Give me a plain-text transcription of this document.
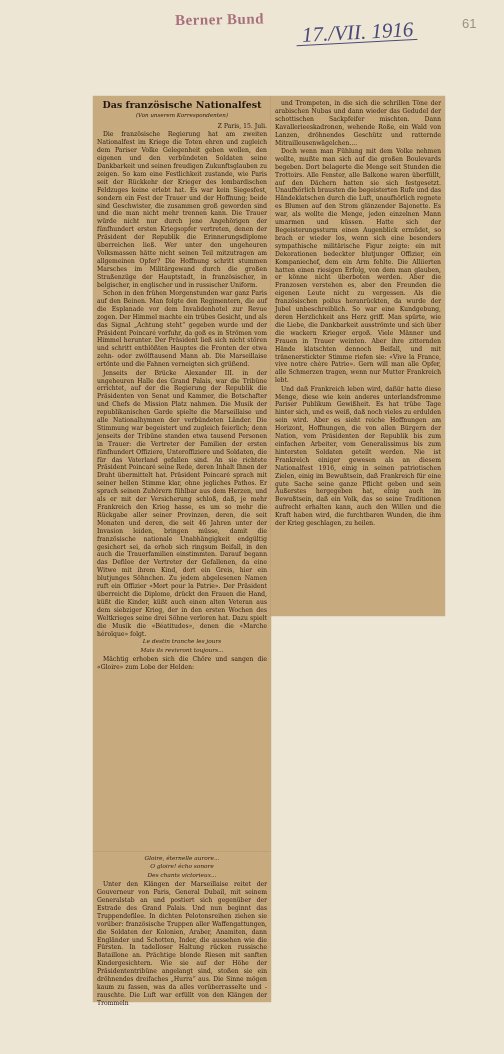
Berner Bund	17./VII. 1916	61
Das französische Nationalfest
(Von unserem Korrespondenten)

Z Paris, 15. Juli.

Die französische Regierung hat am zweiten Nationalfest im Kriege die Toten ehren und zugleich dem Pariser Volke Gelegenheit geben wollen, den eigenen und den verbündeten Soldaten seine Dankbarkeit und seinen freudigen Zukunftsglauben zu zeigen. So kam eine Festlichkeit zustande, wie Paris seit der Rückkehr der Krieger des lombardischen Feldzuges keine erlebt hat. Es war kein Siegesfest, sondern ein Fest der Trauer und der Hoffnung; beide sind Geschwister, die zusammen groß geworden sind und die man nicht mehr trennen kann. Die Trauer würde nicht nur durch jene Angehörigen der fünfhundert ersten Kriegsopfer vertreten, denen der Präsident der Republik die Erinnerungsdiplome überreichen ließ. Wer unter den ungeheuren Volksmassen hätte nicht seinen Teil mitzutragen am allgemeinen Opfer? Die Hoffnung schritt stummen Marsches im Militärgewand durch die großen Straßenzüge der Hauptstadt, in französischer, in belgischer, in englischer und in russischer Uniform.

Schon in den frühen Morgenstunden war ganz Paris auf den Beinen. Man folgte den Regimentern, die auf die Esplanade vor dem Invalidenhotel zur Revue zogen. Der Himmel machte ein trübes Gesicht, und als das Signal „Achtung steht“ gegeben wurde und der Präsident Poincaré vorfuhr, da goß es in Strömen vom Himmel herunter. Der Präsident ließ sich nicht stören und schritt entblößten Hauptes die Fronten der etwa zehn- oder zwölftausend Mann ab. Die Marseillaise ertönte und die Fahnen verneigten sich grüßend.

Jenseits der Brücke Alexander III. in der ungeheuren Halle des Grand Palais, war die Tribüne errichtet, auf der die Regierung der Republik die Präsidenten von Senat und Kammer, die Botschafter und Chefs de Mission Platz nahmen. Die Musik der republikanischen Garde spielte die Marseillaise und alle Nationalhymnen der verbündeten Länder. Die Stimmung war begeistert und zugleich feierlich; denn jenseits der Tribüne standen etwa tausend Personen in Trauer: die Vertreter der Familien der ersten fünfhundert Offiziere, Unteroffiziere und Soldaten, die für das Vaterland gefallen sind. An sie richtete Präsident Poincaré seine Rede, deren Inhalt Ihnen der Draht übermittelt hat. Präsident Poincaré sprach mit seiner hellen Stimme klar, ohne jegliches Pathos. Er sprach seinen Zuhörern fühlbar aus dem Herzen, und als er mit der Versicherung schloß, daß, je mehr Frankreich den Krieg hasse, es um so mehr die Rückgabe aller seiner Provinzen, deren, die seit Monaten und deren, die seit 46 Jahren unter der Invasion leiden, bringen müsse, damit die französische nationale Unabhängigkeit endgültig gesichert sei, da erhob sich ringsum Beifall, in den auch die Trauerfamilien einstimmten. Darauf begann das Defilee der Vertreter der Gefallenen, da eine Witwe mit ihrem Kind, dort ein Greis, hier ein blutjunges Söhnchen. Zu jedem abgelesenen Namen ruft ein Offizier «Mort pour la Patrie». Der Präsident überreicht die Diplome, drückt den Frauen die Hand, küßt die Kinder, küßt auch einen alten Veteran aus dem siebziger Krieg, der in den ersten Wochen des Weltkrieges seine drei Söhne verloren hat. Dazu spielt die Musik die «Béatitudes», denen die «Marche héroïque» folgt.

Le destin tranche les jours
Mais ils revivront toujours...

Mächtig erhoben sich die Chöre und sangen die «Gloire» zum Lobe der Helden:

Gloire, éternelle aurore...
O gloire! écho sonore
Des chants victorieux...

Unter den Klängen der Marseillaise reitet der Gouverneur von Paris, General Dubail, mit seinem Generalstab an und postiert sich gegenüber der Estrade des Grand Palais. Und nun beginnt das Truppendefilee. In dichten Pelotonsreihen ziehen sie vorüber: französische Truppen aller Waffengattungen, die Soldaten der Kolonien, Araber, Anamiten, dann Engländer und Schotten, Inder, die aussehen wie die Fürsten. In tadelloser Haltung rücken russische Bataillone an. Prächtige blonde Riesen mit sanften Kindergesichtern. Wie sie auf der Höhe der Präsidententribüne angelangt sind, stoßen sie ein dröhnendes dreifaches „Hurra“ aus. Die Sinne mögen kaum zu fassen, was da alles vorüberrasselte und -rauschte. Die Luft war erfüllt von den Klängen der Trommeln

und Trompeten, in die sich die schrillen Töne der arabischen Nubas und dann wieder das Gedudel der schottischen Sackpfeifer mischten. Dann Kavallerieeskadronen, wehende Roße, ein Wald von Lanzen, dröhnendes Geschütz und ratternde Mitrailleusenwägelchen....

Doch wenn man Fühlung mit dem Volke nehmen wollte, mußte man sich auf die großen Boulevards begeben. Dort belagerte die Menge seit Stunden die Trottoirs. Alle Fenster, alle Balkone waren überfüllt, auf den Dächern hatten sie sich festgesetzt. Unaufhörlich brausten die begeisterten Rufe und das Händeklatschen durch die Luft, unaufhörlich regnete es Blumen auf den Strom glänzender Bajonette. Es war, als wollte die Menge, jeden einzelnen Mann umarmen und küssen. Hatte sich der Begeisterungssturm einen Augenblick ermüdet, so brach er wieder los, wenn sich eine besonders sympathische militärische Figur zeigte: ein mit Dekorationen bedeckter blutjunger Offizier, ein Kompaniechef, dem ein Arm fehlte. Die Alliierten hatten einen riesigen Erfolg, von dem man glauben, er könne nicht überboten werden. Aber die Franzosen verstehen es, aber den Freunden die eigenen Leute nicht zu vergessen. Als die französischen poilus heranrückten, da wurde der Jubel unbeschreiblich. So war eine Kundgebung, deren Herzlichkeit ans Herz griff. Man spürte, wie die Liebe, die Dankbarkeit ausströmte und sich über die wackern Krieger ergoß. Viele Männer und Frauen in Trauer weinten. Aber ihre zitternden Hände klatschten dennoch Beifall, und mit tränenerstickter Stimme riefen sie: «Vive la France, vive notre chère Patrie». Gern will man alle Opfer, alle Schmerzen tragen, wenn nur Mutter Frankreich lebt.

Und daß Frankreich leben wird, daßür hatte diese Menge, diese wie kein anderes unterlandsfromme Pariser Publikum Gewißheit. Es hat trübe Tage hinter sich, und es weiß, daß noch vieles zu erdulden sein wird. Aber es sieht reiche Hoffnungen am Horizont, Hoffnungen, die von allen Bürgern der Nation, vom Präsidenten der Republik bis zum einfachen Arbeiter, vom Generalissimus bis zum hintersten Soldaten geteilt werden. Nie ist Frankreich einiger gewesen als an diesem Nationalfest 1916, einig in seinen patriotischen Zielen, einig im Bewußtsein, daß Frankreich für eine gute Sache seine ganze Pflicht geben und sein Äußerstes hergegeben hat, einig auch im Bewußtsein, daß ein Volk, das so seine Traditionen aufrecht erhalten kann, auch den Willen und die Kraft haben wird, die furchtbaren Wunden, die ihm der Krieg geschlagen, zu heilen.
